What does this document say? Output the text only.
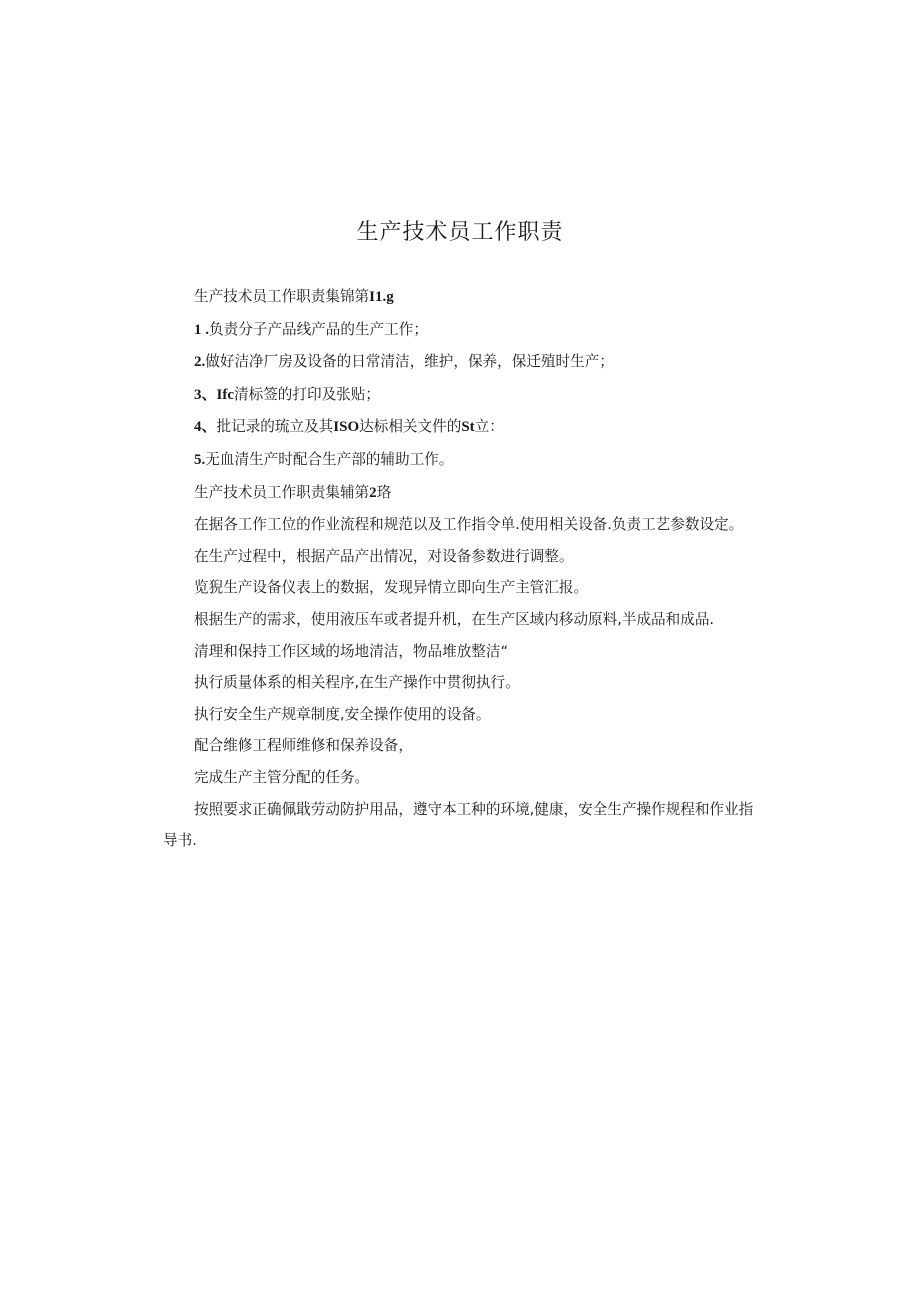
生产技术员工作职责
生产技术员工作职责集锦第I1.g
1 .负责分子产品线产品的生产工作；
2.做好洁净厂房及设备的日常清洁，维护，保养，保迁殖时生产；
3、Ifc清标签的打印及张贴；
4、批记录的琉立及其ISO达标相关文件的St立：
5.无血清生产时配合生产部的辅助工作。
生产技术员工作职责集辅第2珞
在据各工作工位的作业流程和规范以及工作指令单.使用相关设备.负责工艺参数设定。
在生产过程中，根据产品产出情况，对设备参数进行调整。
览猊生产设备仪表上的数据，发现异情立即向生产主管汇报。
根据生产的需求，使用液压车或者提升机，在生产区域内移动原料,半成品和成品.
清理和保持工作区域的场地清洁，物品堆放整洁“
执行质量体系的相关程序,在生产操作中贯彻执行。
执行安全生产规章制度,安全操作使用的设备。
配合维修工程师维修和保养设备，
完成生产主管分配的任务。
按照要求正确佩戢劳动防护用品，遵守本工种的环境,健康，安全生产操作规程和作业指导书.
